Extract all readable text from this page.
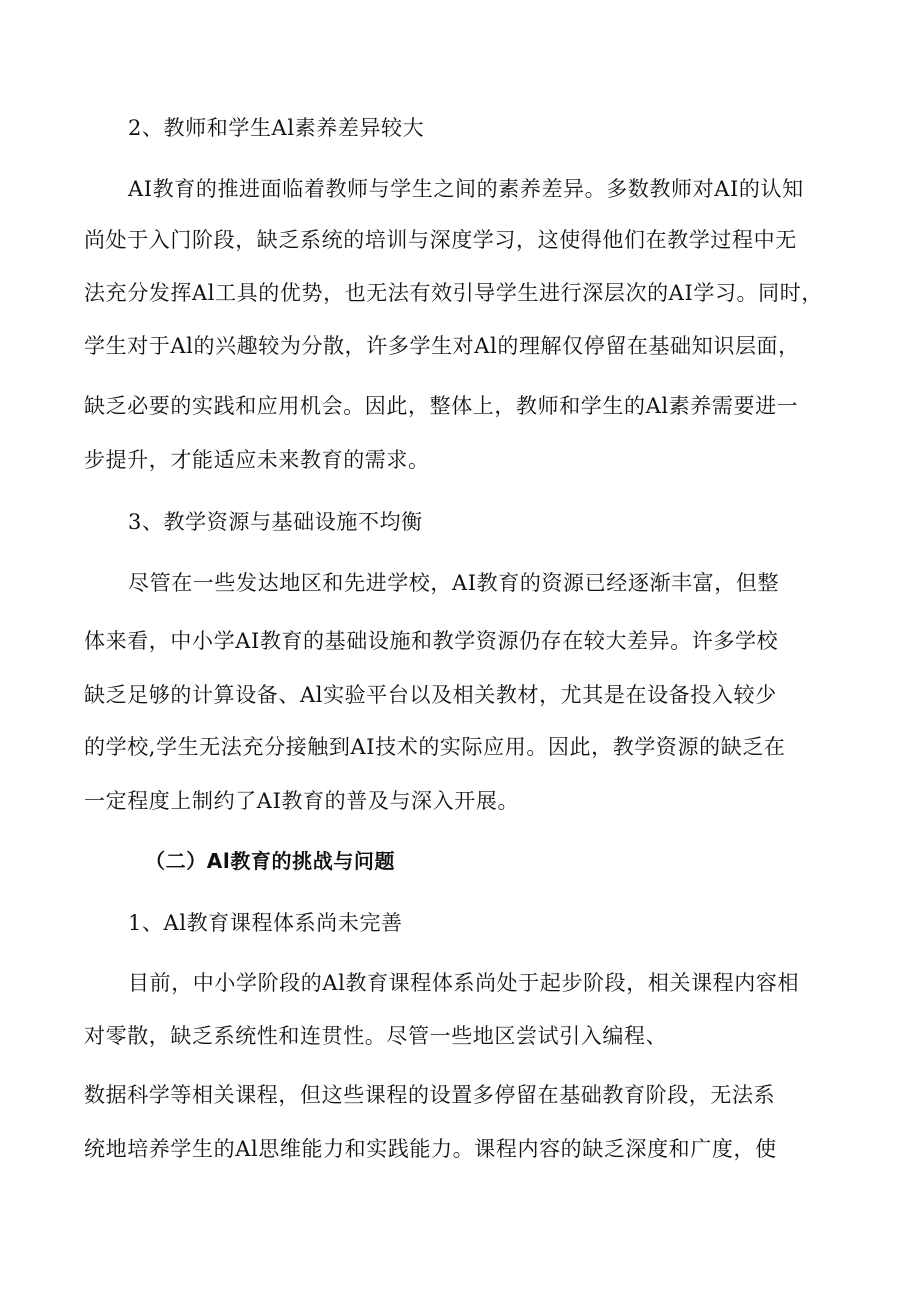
2、教师和学生Al素养差异较大
AI教育的推进面临着教师与学生之间的素养差异。多数教师对AI的认知
尚处于入门阶段，缺乏系统的培训与深度学习，这使得他们在教学过程中无
法充分发挥Al工具的优势，也无法有效引导学生进行深层次的AI学习。同时，
学生对于Al的兴趣较为分散，许多学生对Al的理解仅停留在基础知识层面，
缺乏必要的实践和应用机会。因此，整体上，教师和学生的Al素养需要进一
步提升，才能适应未来教育的需求。
3、教学资源与基础设施不均衡
尽管在一些发达地区和先进学校，AI教育的资源已经逐渐丰富，但整
体来看，中小学AI教育的基础设施和教学资源仍存在较大差异。许多学校
缺乏足够的计算设备、Al实验平台以及相关教材，尤其是在设备投入较少
的学校,学生无法充分接触到AI技术的实际应用。因此，教学资源的缺乏在
一定程度上制约了AI教育的普及与深入开展。
（二）Al教育的挑战与问题
1、Al教育课程体系尚未完善
目前，中小学阶段的Al教育课程体系尚处于起步阶段，相关课程内容相
对零散，缺乏系统性和连贯性。尽管一些地区尝试引入编程、
数据科学等相关课程，但这些课程的设置多停留在基础教育阶段，无法系
统地培养学生的Al思维能力和实践能力。课程内容的缺乏深度和广度，使
